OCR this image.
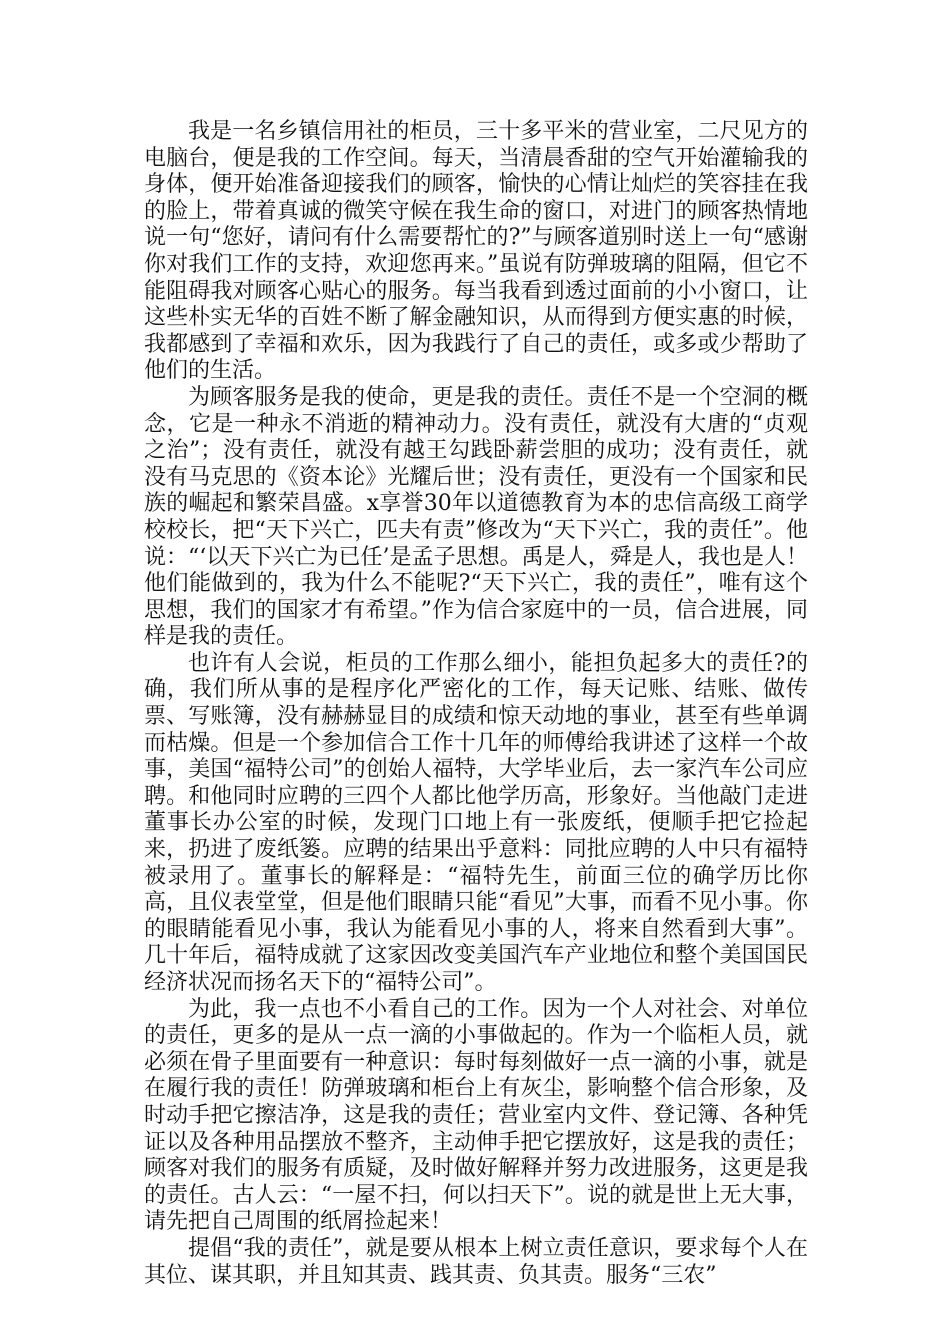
我是一名乡镇信用社的柜员，三十多平米的营业室，二尺见方的电脑台，便是我的工作空间。每天，当清晨香甜的空气开始灌输我的身体，便开始准备迎接我们的顾客，愉快的心情让灿烂的笑容挂在我的脸上，带着真诚的微笑守候在我生命的窗口，对进门的顾客热情地说一句“您好，请问有什么需要帮忙的?”与顾客道别时送上一句“感谢你对我们工作的支持，欢迎您再来。”虽说有防弹玻璃的阻隔，但它不能阻碍我对顾客心贴心的服务。每当我看到透过面前的小小窗口，让这些朴实无华的百姓不断了解金融知识，从而得到方便实惠的时候，我都感到了幸福和欢乐，因为我践行了自己的责任，或多或少帮助了他们的生活。

为顾客服务是我的使命，更是我的责任。责任不是一个空洞的概念，它是一种永不消逝的精神动力。没有责任，就没有大唐的“贞观之治”；没有责任，就没有越王勾践卧薪尝胆的成功；没有责任，就没有马克思的《资本论》光耀后世；没有责任，更没有一个国家和民族的崛起和繁荣昌盛。x享誉30年以道德教育为本的忠信高级工商学校校长，把“天下兴亡，匹夫有责”修改为“天下兴亡，我的责任”。他说：“‘以天下兴亡为已任’是孟子思想。禹是人，舜是人，我也是人！他们能做到的，我为什么不能呢?“天下兴亡，我的责任”，唯有这个思想，我们的国家才有希望。”作为信合家庭中的一员，信合进展，同样是我的责任。

也许有人会说，柜员的工作那么细小，能担负起多大的责任?的确，我们所从事的是程序化严密化的工作，每天记账、结账、做传票、写账簿，没有赫赫显目的成绩和惊天动地的事业，甚至有些单调而枯燥。但是一个参加信合工作十几年的师傅给我讲述了这样一个故事，美国“福特公司”的创始人福特，大学毕业后，去一家汽车公司应聘。和他同时应聘的三四个人都比他学历高，形象好。当他敲门走进董事长办公室的时候，发现门口地上有一张废纸，便顺手把它捡起来，扔进了废纸篓。应聘的结果出乎意料：同批应聘的人中只有福特被录用了。董事长的解释是：“福特先生，前面三位的确学历比你高，且仪表堂堂，但是他们眼睛只能“看见”大事，而看不见小事。你的眼睛能看见小事，我认为能看见小事的人，将来自然看到大事”。几十年后，福特成就了这家因改变美国汽车产业地位和整个美国国民经济状况而扬名天下的“福特公司”。

为此，我一点也不小看自己的工作。因为一个人对社会、对单位的责任，更多的是从一点一滴的小事做起的。作为一个临柜人员，就必须在骨子里面要有一种意识：每时每刻做好一点一滴的小事，就是在履行我的责任！防弹玻璃和柜台上有灰尘，影响整个信合形象，及时动手把它擦洁净，这是我的责任；营业室内文件、登记簿、各种凭证以及各种用品摆放不整齐，主动伸手把它摆放好，这是我的责任；顾客对我们的服务有质疑，及时做好解释并努力改进服务，这更是我的责任。古人云：“一屋不扫，何以扫天下”。说的就是世上无大事，请先把自己周围的纸屑捡起来！

提倡“我的责任”，就是要从根本上树立责任意识，要求每个人在其位、谋其职，并且知其责、践其责、负其责。服务“三农”
